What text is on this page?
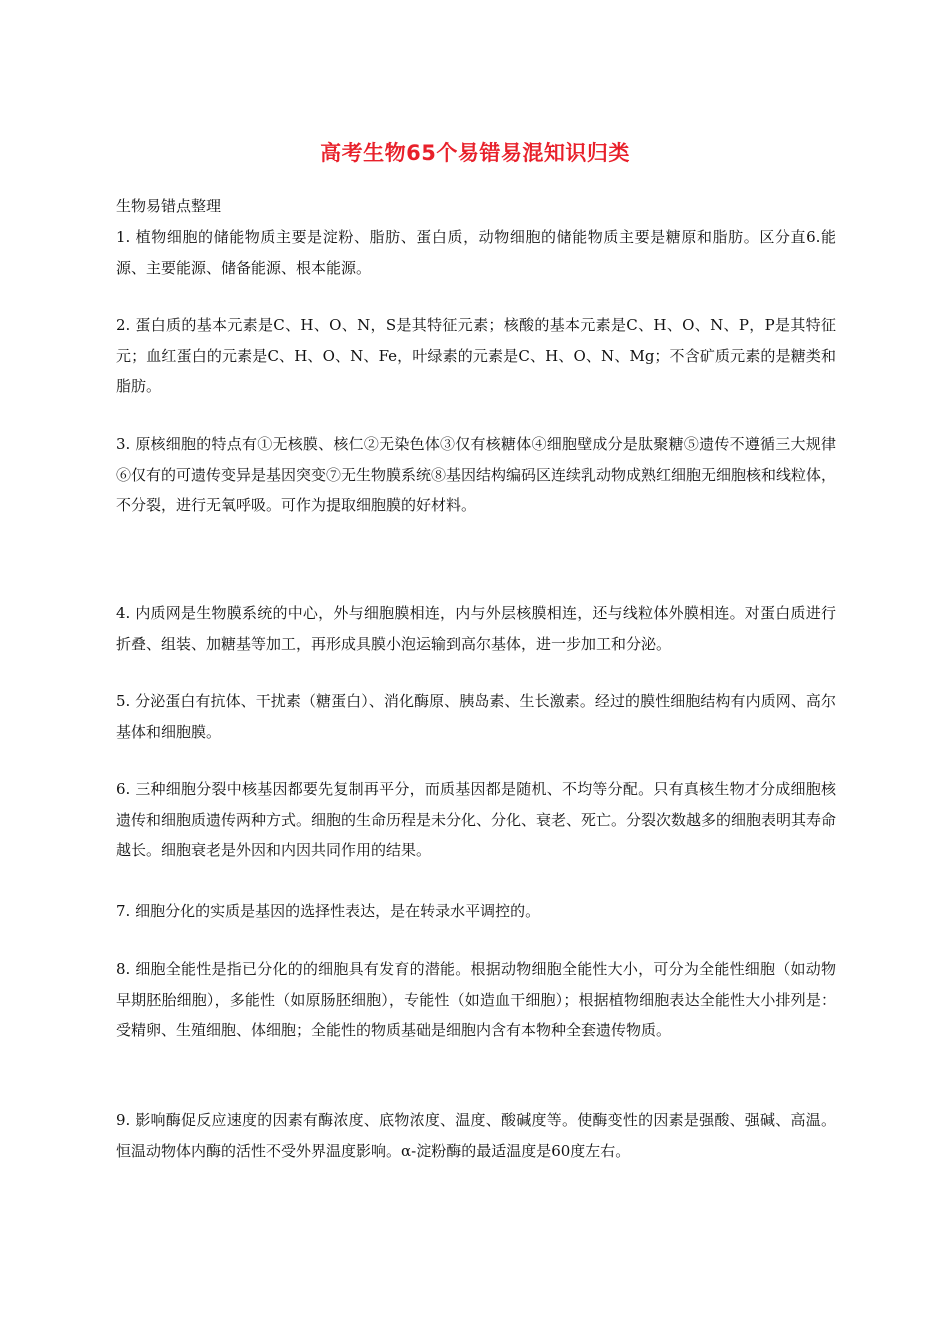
高考生物65个易错易混知识归类
生物易错点整理

1. 植物细胞的储能物质主要是淀粉、脂肪、蛋白质，动物细胞的储能物质主要是糖原和脂肪。区分直6.能源、主要能源、储备能源、根本能源。

2. 蛋白质的基本元素是C、H、O、N，S是其特征元素；核酸的基本元素是C、H、O、N、P，P是其特征元；血红蛋白的元素是C、H、O、N、Fe，叶绿素的元素是C、H、O、N、Mg；不含矿质元素的是糖类和脂肪。

3. 原核细胞的特点有①无核膜、核仁②无染色体③仅有核糖体④细胞壁成分是肽聚糖⑤遗传不遵循三大规律⑥仅有的可遗传变异是基因突变⑦无生物膜系统⑧基因结构编码区连续乳动物成熟红细胞无细胞核和线粒体，不分裂，进行无氧呼吸。可作为提取细胞膜的好材料。

4. 内质网是生物膜系统的中心，外与细胞膜相连，内与外层核膜相连，还与线粒体外膜相连。对蛋白质进行折叠、组装、加糖基等加工，再形成具膜小泡运输到高尔基体，进一步加工和分泌。

5. 分泌蛋白有抗体、干扰素（糖蛋白）、消化酶原、胰岛素、生长激素。经过的膜性细胞结构有内质网、高尔基体和细胞膜。

6. 三种细胞分裂中核基因都要先复制再平分，而质基因都是随机、不均等分配。只有真核生物才分成细胞核遗传和细胞质遗传两种方式。细胞的生命历程是未分化、分化、衰老、死亡。分裂次数越多的细胞表明其寿命越长。细胞衰老是外因和内因共同作用的结果。

7. 细胞分化的实质是基因的选择性表达，是在转录水平调控的。

8. 细胞全能性是指已分化的的细胞具有发育的潜能。根据动物细胞全能性大小，可分为全能性细胞（如动物早期胚胎细胞），多能性（如原肠胚细胞），专能性（如造血干细胞）；根据植物细胞表达全能性大小排列是：受精卵、生殖细胞、体细胞；全能性的物质基础是细胞内含有本物种全套遗传物质。

9. 影响酶促反应速度的因素有酶浓度、底物浓度、温度、酸碱度等。使酶变性的因素是强酸、强碱、高温。恒温动物体内酶的活性不受外界温度影响。α-淀粉酶的最适温度是60度左右。
